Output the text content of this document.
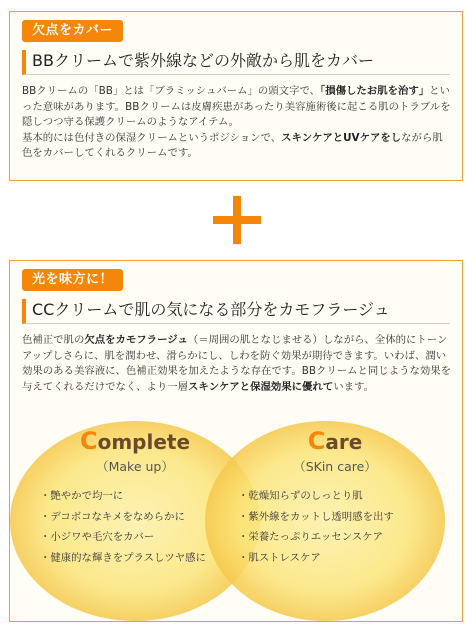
欠点をカバー
BBクリームで紫外線などの外敵から肌をカバー

BBクリームの「BB」とは「ブラミッシュバーム」の頭文字で、「損傷したお肌を治す」といった意味があります。BBクリームは皮膚疾患があったり美容施術後に起こる肌のトラブルを隠しつつ守る保護クリームのようなアイテム。

基本的には色付きの保湿クリームというポジションで、スキンケアとUVケアをしながら肌色をカバーしてくれるクリームです。

光を味方に！
CCクリームで肌の気になる部分をカモフラージュ

色補正で肌の欠点をカモフラージュ（＝周囲の肌となじませる）しながら、全体的にトーンアップしさらに、肌を潤わせ、滑らかにし、しわを防ぐ効果が期待できます。いわば、潤い効果のある美容液に、色補正効果を加えたような存在です。BBクリームと同じような効果を与えてくれるだけでなく、より一層スキンケアと保湿効果に優れています。

Complete
（Make up）
・ 艶やかで均一に
・ デコボコなキメをなめらかに
・ 小ジワや毛穴をカバー
・ 健康的な輝きをプラスしツヤ感に
Care
（SKin care）
・ 乾燥知らずのしっとり肌
・ 紫外線をカットし透明感を出す
・ 栄養たっぷりエッセンスケア
・ 肌ストレスケア
